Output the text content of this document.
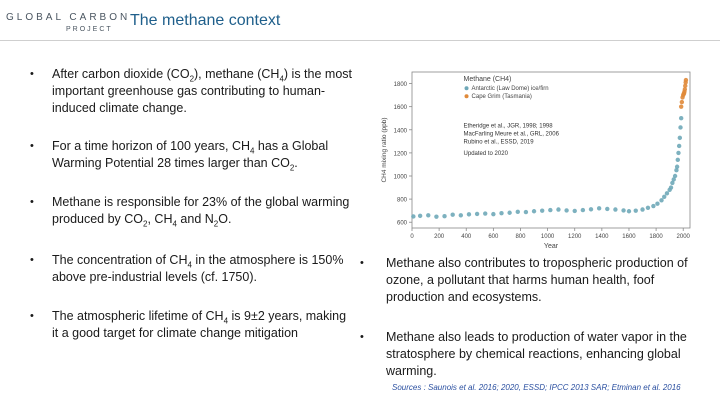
GLOBAL CARBON
PROJECT
The methane context
• After carbon dioxide $(CO_2)$, methane $(CH_4)$ is the most important greenhouse gas contributing to human-induced climate change.
• For a time horizon of 100 years, $CH_4$ has a Global Warming Potential 28 times larger than $CO_2$.
• Methane is responsible for 23% of the global warming produced by $CO_2$, $CH_4$ and $N_2O$.
• The concentration of $CH_4$ in the atmosphere is 150% above pre-industrial levels (cf. 1750).
• The atmospheric lifetime of $CH_4$ is 9±2 years, making it a good target for climate change mitigation
600
800
1000
1200
1400
1600
1800
0	200	400	600	800	1000 1200 1400 1600 1800 2000
Year
CH4 mixing ratio (ppb)
Methane (CH4)
Antarctic (Law Dome) ice/firn
Cape Grim (Tasmania)
Etheridge et al., JGR, 1998; 1998
MacFarling Meure et al., GRL, 2006
Rubino et al., ESSD, 2019
Updated to 2020
• Methane also contributes to tropospheric production of ozone, a pollutant that harms human health, foof production and ecosystems.
• Methane also leads to production of water vapor in the stratosphere by chemical reactions, enhancing global warming.
Sources : Saunois et al. 2016; 2020, ESSD; IPCC 2013 SAR; Etminan et al. 2016
